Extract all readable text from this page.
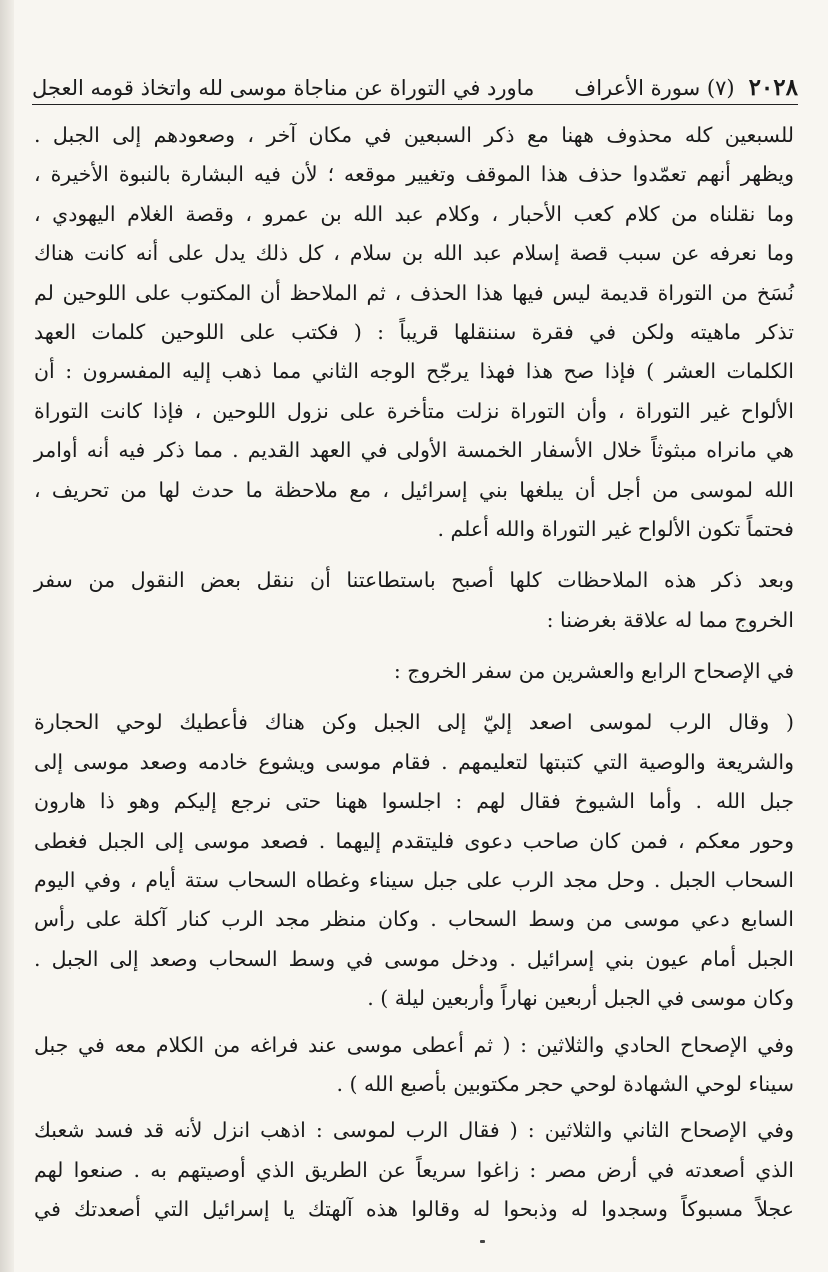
٢٠٢٨
(٧) سورة الأعراف
ماورد في التوراة عن مناجاة موسى لله واتخاذ قومه العجل
للسبعين كله محذوف ههنا مع ذكر السبعين في مكان آخر ، وصعودهم إلى الجبل .
ويظهر أنهم تعمّدوا حذف هذا الموقف وتغيير موقعه ؛ لأن فيه البشارة بالنبوة الأخيرة ،
وما نقلناه من كلام كعب الأحبار ، وكلام عبد الله بن عمرو ، وقصة الغلام اليهودي ،
وما نعرفه عن سبب قصة إسلام عبد الله بن سلام ، كل ذلك يدل على أنه كانت هناك
نُسَخ من التوراة قديمة ليس فيها هذا الحذف ، ثم الملاحظ أن المكتوب على اللوحين لم
تذكر ماهيته ولكن في فقرة سننقلها قريباً : ( فكتب على اللوحين كلمات العهد
الكلمات العشر ) فإذا صح هذا فهذا يرجّح الوجه الثاني مما ذهب إليه المفسرون : أن
الألواح غير التوراة ، وأن التوراة نزلت متأخرة على نزول اللوحين ، فإذا كانت التوراة
هي مانراه مبثوثاً خلال الأسفار الخمسة الأولى في العهد القديم . مما ذكر فيه أنه أوامر
الله لموسى من أجل أن يبلغها بني إسرائيل ، مع ملاحظة ما حدث لها من تحريف ،
فحتماً تكون الألواح غير التوراة والله أعلم .
وبعد ذكر هذه الملاحظات كلها أصبح باستطاعتنا أن ننقل بعض النقول من سفر
الخروج مما له علاقة بغرضنا :
في الإصحاح الرابع والعشرين من سفر الخروج :
( وقال الرب لموسى اصعد إليّ إلى الجبل وكن هناك فأعطيك لوحي الحجارة
والشريعة والوصية التي كتبتها لتعليمهم . فقام موسى ويشوع خادمه وصعد موسى إلى
جبل الله . وأما الشيوخ فقال لهم : اجلسوا ههنا حتى نرجع إليكم وهو ذا هارون
وحور معكم ، فمن كان صاحب دعوى فليتقدم إليهما . فصعد موسى إلى الجبل فغطى
السحاب الجبل . وحل مجد الرب على جبل سيناء وغطاه السحاب ستة أيام ، وفي اليوم
السابع دعي موسى من وسط السحاب . وكان منظر مجد الرب كنار آكلة على رأس
الجبل أمام عيون بني إسرائيل . ودخل موسى في وسط السحاب وصعد إلى الجبل .
وكان موسى في الجبل أربعين نهاراً وأربعين ليلة ) .
وفي الإصحاح الحادي والثلاثين : ( ثم أعطى موسى عند فراغه من الكلام معه في جبل
سيناء لوحي الشهادة لوحي حجر مكتوبين بأصبع الله ) .
وفي الإصحاح الثاني والثلاثين : ( فقال الرب لموسى : اذهب انزل لأنه قد فسد شعبك
الذي أصعدته في أرض مصر : زاغوا سريعاً عن الطريق الذي أوصيتهم به . صنعوا لهم
عجلاً مسبوكاً وسجدوا له وذبحوا له وقالوا هذه آلهتك يا إسرائيل التي أصعدتك في
